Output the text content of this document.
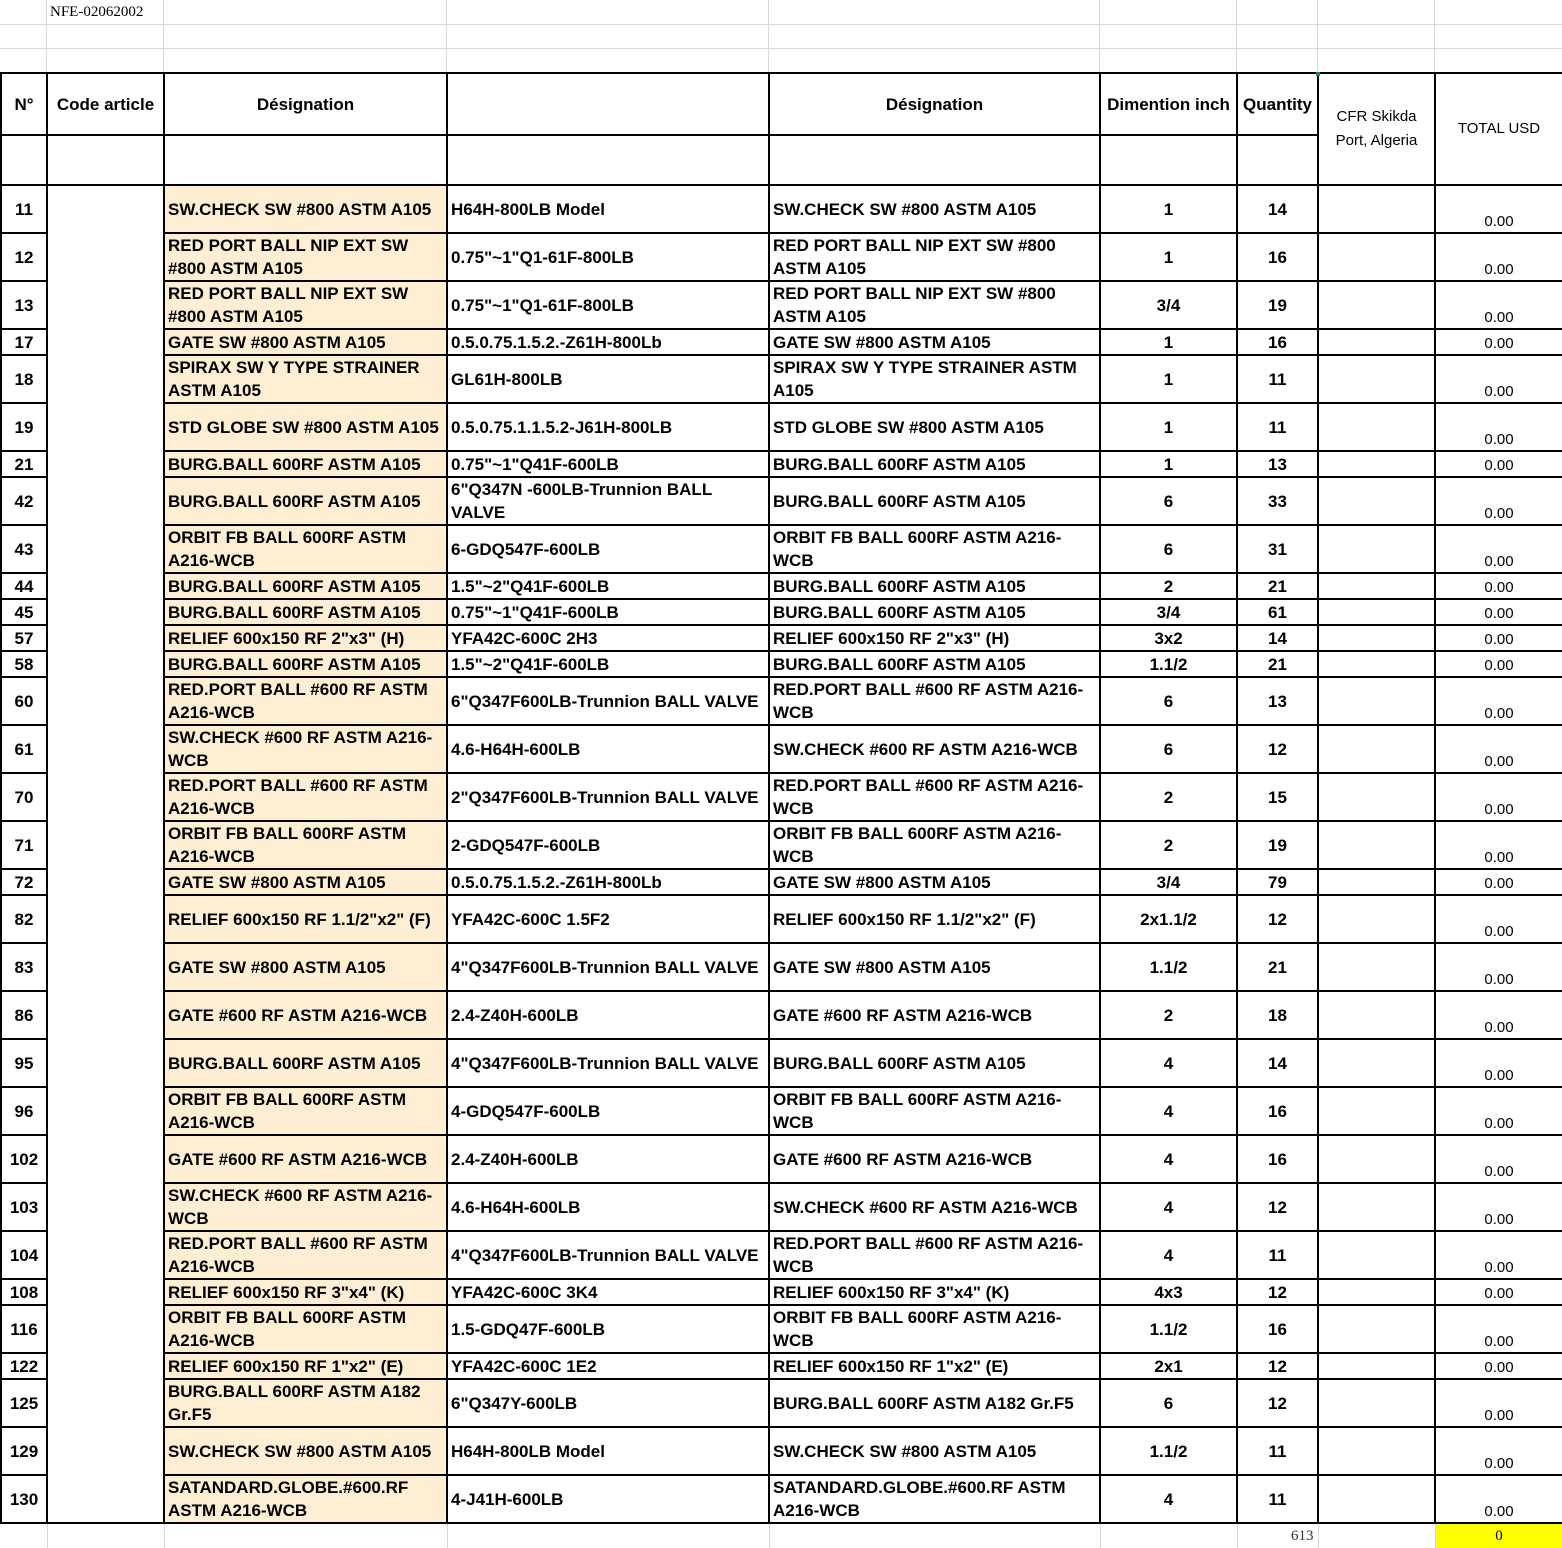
NFE-02062002
N°	Code article	Désignation		Désignation	Dimention inch	Quantity	CFR Skikda Port, Algeria	TOTAL USD

11		SW.CHECK SW #800 ASTM A105	H64H-800LB Model	SW.CHECK SW #800 ASTM A105	1	14		0.00
12		RED PORT BALL NIP EXT SW #800 ASTM A105	0.75"~1"Q1-61F-800LB	RED PORT BALL NIP EXT SW #800 ASTM A105	1	16		0.00
13		RED PORT BALL NIP EXT SW #800 ASTM A105	0.75"~1"Q1-61F-800LB	RED PORT BALL NIP EXT SW #800 ASTM A105	3/4	19		0.00
17		GATE SW #800 ASTM A105	0.5.0.75.1.5.2.-Z61H-800Lb	GATE SW #800 ASTM A105	1	16		0.00
18		SPIRAX SW Y TYPE STRAINER ASTM A105	GL61H-800LB	SPIRAX SW Y TYPE STRAINER ASTM A105	1	11		0.00
19		STD GLOBE SW #800 ASTM A105	0.5.0.75.1.1.5.2-J61H-800LB	STD GLOBE SW #800 ASTM A105	1	11		0.00
21		BURG.BALL 600RF ASTM A105	0.75"~1"Q41F-600LB	BURG.BALL 600RF ASTM A105	1	13		0.00
42		BURG.BALL 600RF ASTM A105	6"Q347N -600LB-Trunnion BALL VALVE	BURG.BALL 600RF ASTM A105	6	33		0.00
43		ORBIT FB BALL 600RF ASTM A216-WCB	6-GDQ547F-600LB	ORBIT FB BALL 600RF ASTM A216-WCB	6	31		0.00
44		BURG.BALL 600RF ASTM A105	1.5"~2"Q41F-600LB	BURG.BALL 600RF ASTM A105	2	21		0.00
45		BURG.BALL 600RF ASTM A105	0.75"~1"Q41F-600LB	BURG.BALL 600RF ASTM A105	3/4	61		0.00
57		RELIEF 600x150 RF 2"x3" (H)	YFA42C-600C 2H3	RELIEF 600x150 RF 2"x3" (H)	3x2	14		0.00
58		BURG.BALL 600RF ASTM A105	1.5"~2"Q41F-600LB	BURG.BALL 600RF ASTM A105	1.1/2	21		0.00
60		RED.PORT BALL #600 RF ASTM A216-WCB	6"Q347F600LB-Trunnion BALL VALVE	RED.PORT BALL #600 RF ASTM A216-WCB	6	13		0.00
61		SW.CHECK #600 RF ASTM A216-WCB	4.6-H64H-600LB	SW.CHECK #600 RF ASTM A216-WCB	6	12		0.00
70		RED.PORT BALL #600 RF ASTM A216-WCB	2"Q347F600LB-Trunnion BALL VALVE	RED.PORT BALL #600 RF ASTM A216-WCB	2	15		0.00
71		ORBIT FB BALL 600RF ASTM A216-WCB	2-GDQ547F-600LB	ORBIT FB BALL 600RF ASTM A216-WCB	2	19		0.00
72		GATE SW #800 ASTM A105	0.5.0.75.1.5.2.-Z61H-800Lb	GATE SW #800 ASTM A105	3/4	79		0.00
82		RELIEF 600x150 RF 1.1/2"x2" (F)	YFA42C-600C 1.5F2	RELIEF 600x150 RF 1.1/2"x2" (F)	2x1.1/2	12		0.00
83		GATE SW #800 ASTM A105	4"Q347F600LB-Trunnion BALL VALVE	GATE SW #800 ASTM A105	1.1/2	21		0.00
86		GATE #600 RF ASTM A216-WCB	2.4-Z40H-600LB	GATE #600 RF ASTM A216-WCB	2	18		0.00
95		BURG.BALL 600RF ASTM A105	4"Q347F600LB-Trunnion BALL VALVE	BURG.BALL 600RF ASTM A105	4	14		0.00
96		ORBIT FB BALL 600RF ASTM A216-WCB	4-GDQ547F-600LB	ORBIT FB BALL 600RF ASTM A216-WCB	4	16		0.00
102		GATE #600 RF ASTM A216-WCB	2.4-Z40H-600LB	GATE #600 RF ASTM A216-WCB	4	16		0.00
103		SW.CHECK #600 RF ASTM A216-WCB	4.6-H64H-600LB	SW.CHECK #600 RF ASTM A216-WCB	4	12		0.00
104		RED.PORT BALL #600 RF ASTM A216-WCB	4"Q347F600LB-Trunnion BALL VALVE	RED.PORT BALL #600 RF ASTM A216-WCB	4	11		0.00
108		RELIEF 600x150 RF 3"x4" (K)	YFA42C-600C 3K4	RELIEF 600x150 RF 3"x4" (K)	4x3	12		0.00
116		ORBIT FB BALL 600RF ASTM A216-WCB	1.5-GDQ47F-600LB	ORBIT FB BALL 600RF ASTM A216-WCB	1.1/2	16		0.00
122		RELIEF 600x150 RF 1"x2" (E)	YFA42C-600C 1E2	RELIEF 600x150 RF 1"x2" (E)	2x1	12		0.00
125		BURG.BALL 600RF ASTM A182 Gr.F5	6"Q347Y-600LB	BURG.BALL 600RF ASTM A182 Gr.F5	6	12		0.00
129		SW.CHECK SW #800 ASTM A105	H64H-800LB Model	SW.CHECK SW #800 ASTM A105	1.1/2	11		0.00
130		SATANDARD.GLOBE.#600.RF ASTM A216-WCB	4-J41H-600LB	SATANDARD.GLOBE.#600.RF ASTM A216-WCB	4	11		0.00
						613		0
